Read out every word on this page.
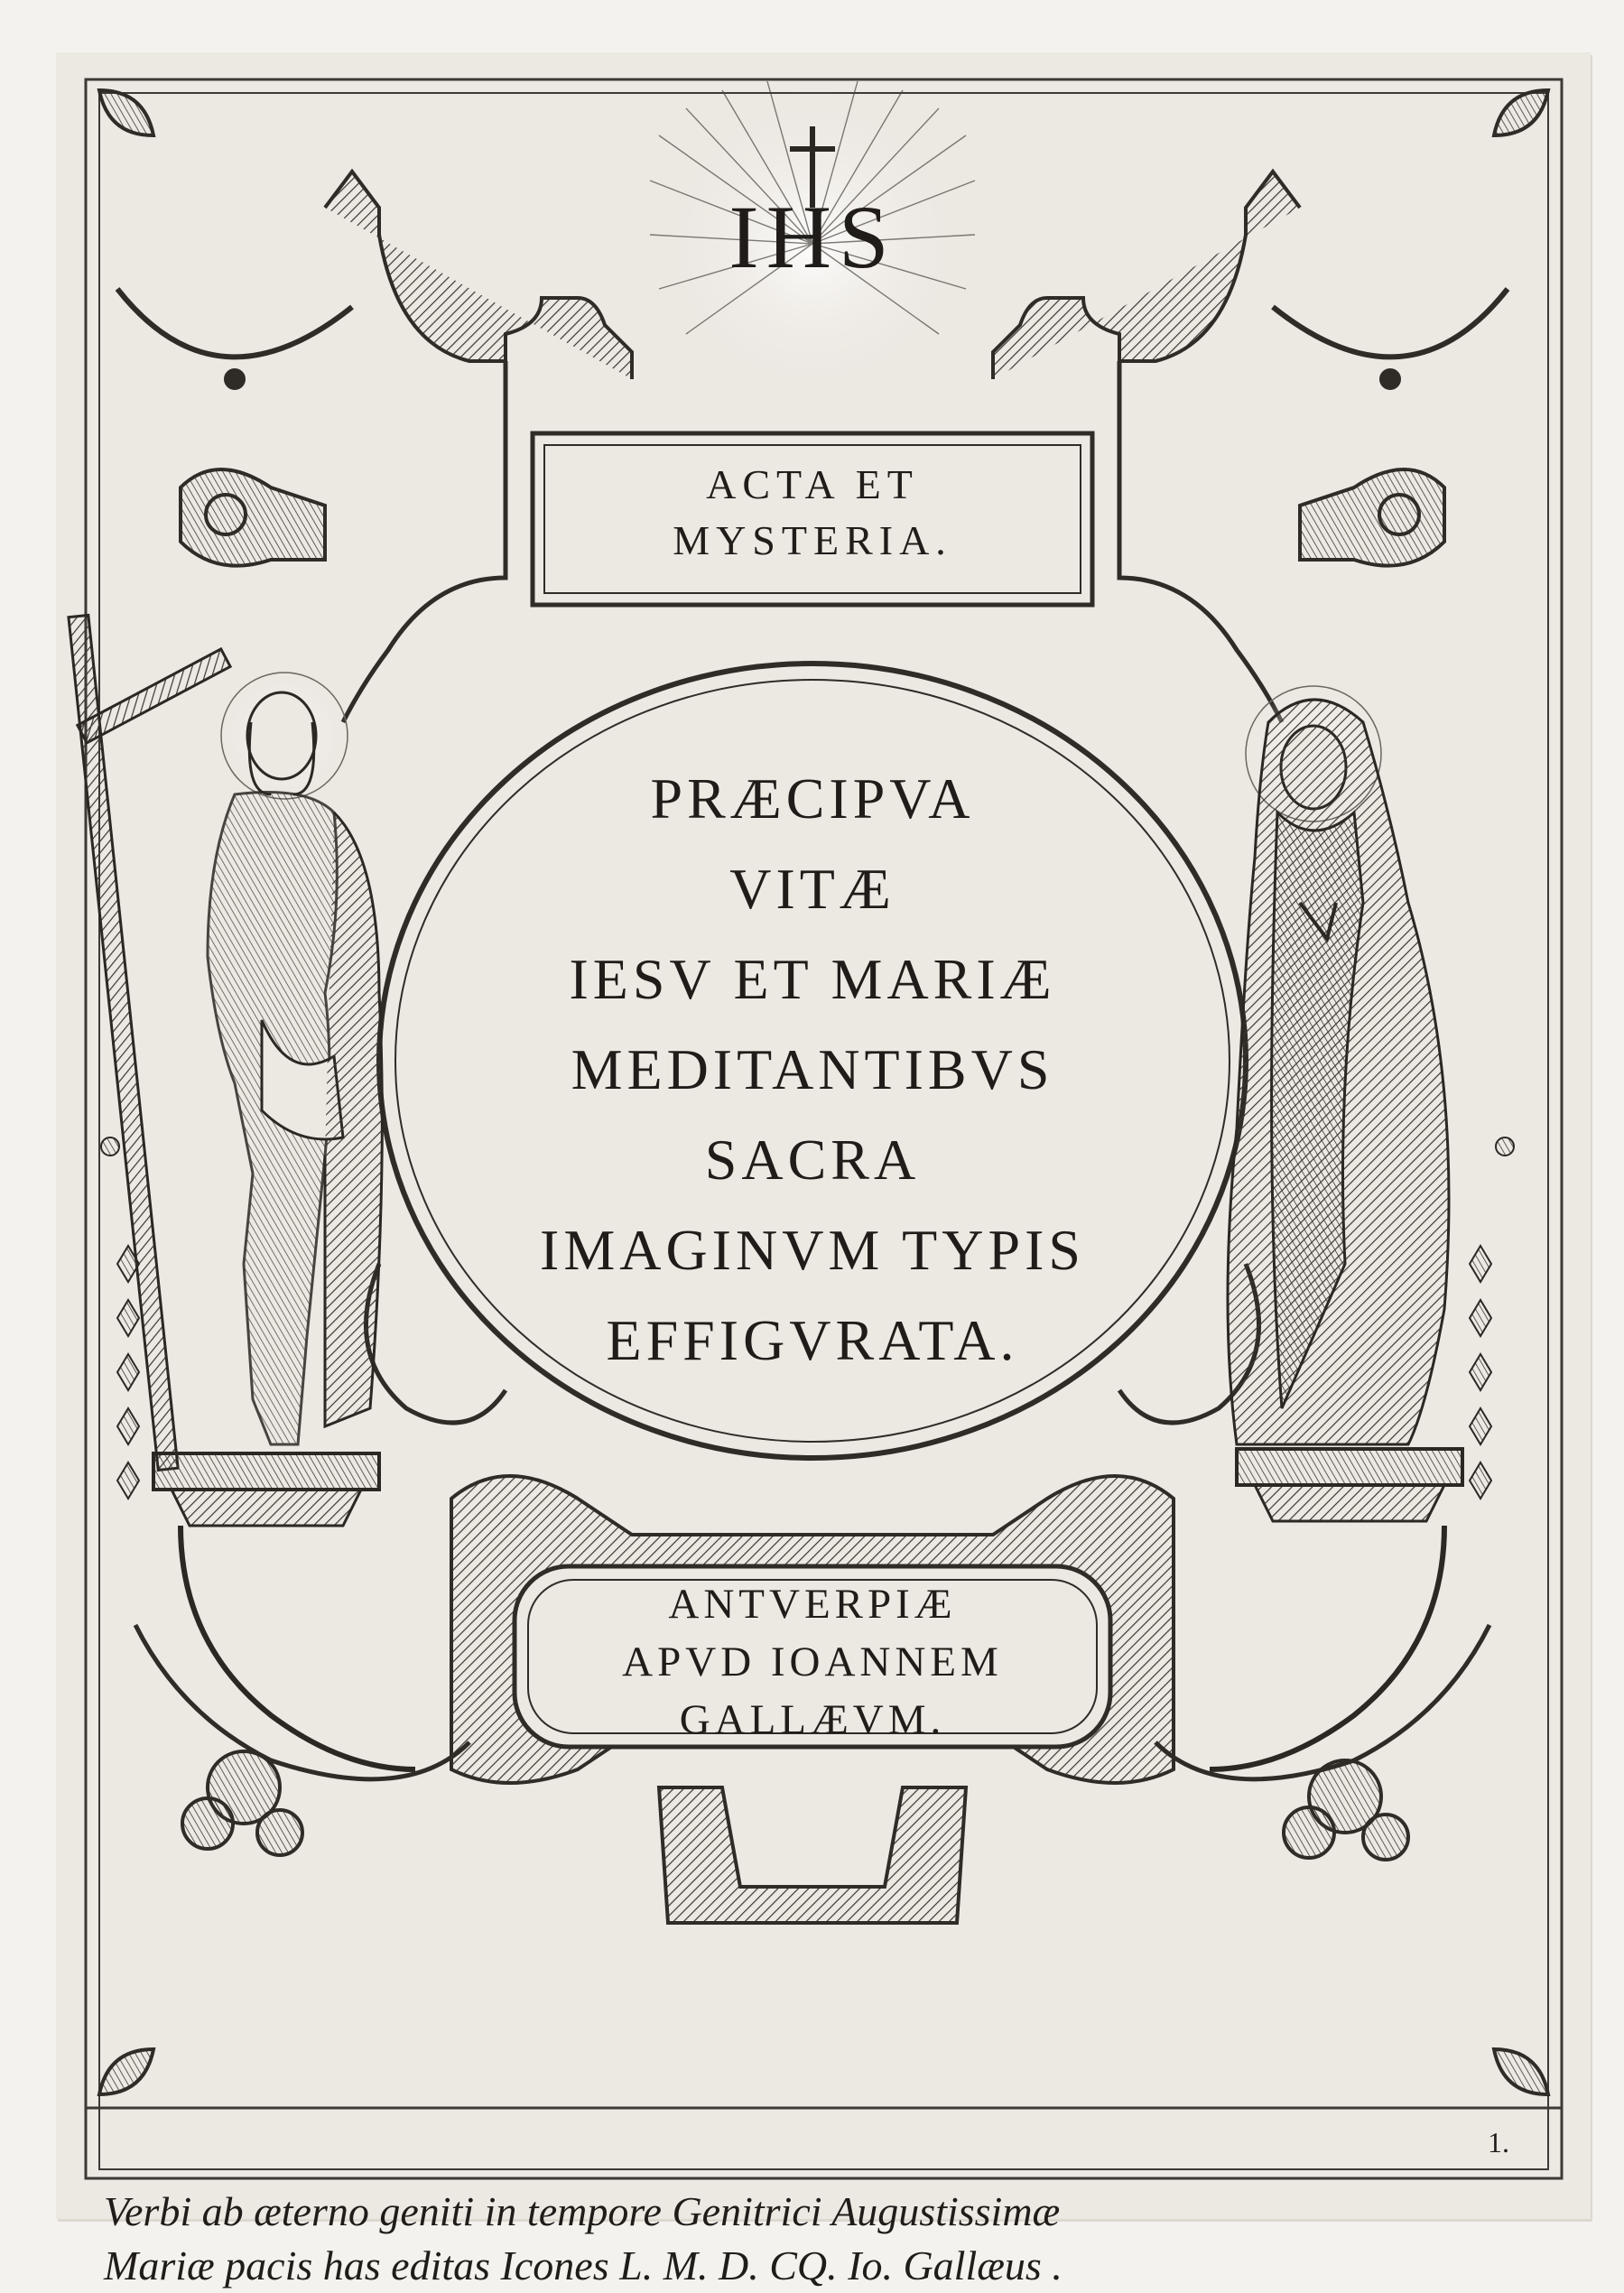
IHS
ACTA ET
MYSTERIA.
PRÆCIPVA
VITÆ
IESV ET MARIÆ
MEDITANTIBVS
SACRA
IMAGINVM TYPIS
EFFIGVRATA.
ANTVERPIÆ
APVD IOANNEM
GALLÆVM.
1.
Verbi ab æterno geniti in tempore Genitrici Augustissimæ
Mariæ pacis has editas Icones L. M. D. CQ. Io. Gallæus .
